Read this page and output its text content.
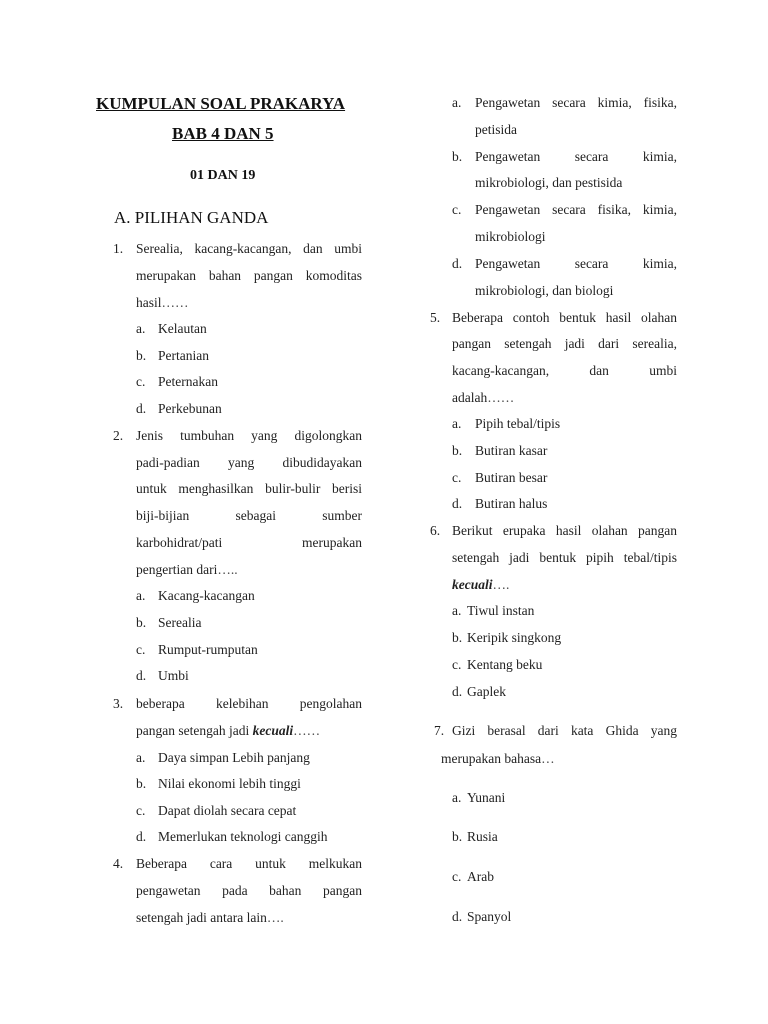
KUMPULAN SOAL PRAKARYA
BAB 4 DAN 5
01 DAN 19
A. PILIHAN GANDA
1. Serealia, kacang-kacangan, dan umbi
merupakan bahan pangan komoditas
hasil……
a. Kelautan
b. Pertanian
c. Peternakan
d. Perkebunan
2. Jenis tumbuhan yang digolongkan
padi-padian yang dibudidayakan
untuk menghasilkan bulir-bulir berisi
biji-bijian sebagai sumber
karbohidrat/pati merupakan
pengertian dari…..
a. Kacang-kacangan
b. Serealia
c. Rumput-rumputan
d. Umbi
3. beberapa kelebihan pengolahan
pangan setengah jadi kecuali……
a. Daya simpan Lebih panjang
b. Nilai ekonomi lebih tinggi
c. Dapat diolah secara cepat
d. Memerlukan teknologi canggih
4. Beberapa cara untuk melkukan
pengawetan pada bahan pangan
setengah jadi antara lain….
a. Pengawetan secara kimia, fisika,
petisida
b. Pengawetan secara kimia,
mikrobiologi, dan pestisida
c. Pengawetan secara fisika, kimia,
mikrobiologi
d. Pengawetan secara kimia,
mikrobiologi, dan biologi
5. Beberapa contoh bentuk hasil olahan
pangan setengah jadi dari serealia,
kacang-kacangan, dan umbi
adalah……
a. Pipih tebal/tipis
b. Butiran kasar
c. Butiran besar
d. Butiran halus
6. Berikut erupaka hasil olahan pangan
setengah jadi bentuk pipih tebal/tipis
kecuali….
a. Tiwul instan
b. Keripik singkong
c. Kentang beku
d. Gaplek
7. Gizi berasal dari kata Ghida yang
merupakan bahasa…
a. Yunani
b. Rusia
c. Arab
d. Spanyol
